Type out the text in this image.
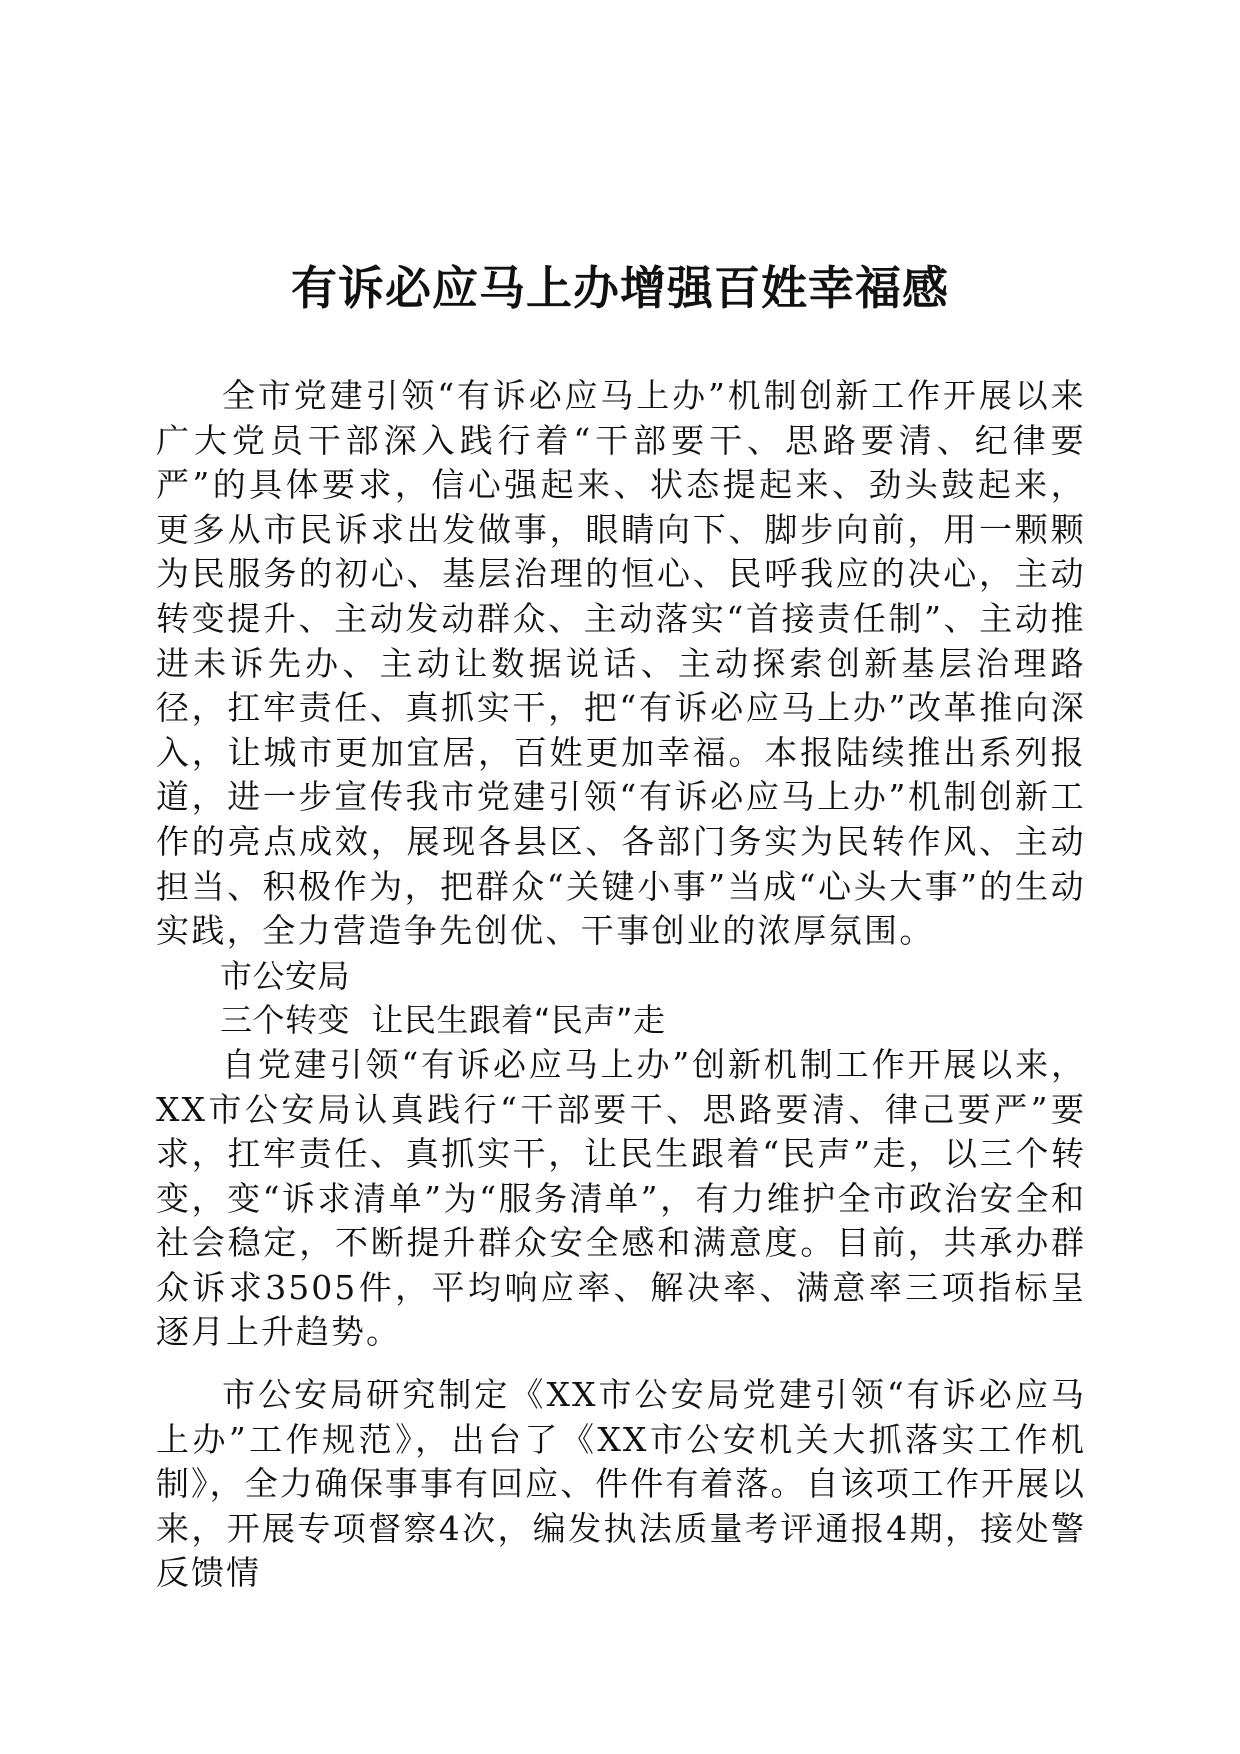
有诉必应马上办增强百姓幸福感

全市党建引领“有诉必应马上办”机制创新工作开展以来广大党员干部深入践行着“干部要干、思路要清、纪律要严”的具体要求，信心强起来、状态提起来、劲头鼓起来，更多从市民诉求出发做事，眼睛向下、脚步向前，用一颗颗为民服务的初心、基层治理的恒心、民呼我应的决心，主动转变提升、主动发动群众、主动落实“首接责任制”、主动推进未诉先办、主动让数据说话、主动探索创新基层治理路径，扛牢责任、真抓实干，把“有诉必应马上办”改革推向深入，让城市更加宜居，百姓更加幸福。本报陆续推出系列报道，进一步宣传我市党建引领“有诉必应马上办”机制创新工作的亮点成效，展现各县区、各部门务实为民转作风、主动担当、积极作为，把群众“关键小事”当成“心头大事”的生动实践，全力营造争先创优、干事创业的浓厚氛围。

市公安局

三个转变  让民生跟着“民声”走

自党建引领“有诉必应马上办”创新机制工作开展以来，XX市公安局认真践行“干部要干、思路要清、律己要严”要求，扛牢责任、真抓实干，让民生跟着“民声”走，以三个转变，变“诉求清单”为“服务清单”，有力维护全市政治安全和社会稳定，不断提升群众安全感和满意度。目前，共承办群众诉求3505件，平均响应率、解决率、满意率三项指标呈逐月上升趋势。

市公安局研究制定《XX市公安局党建引领“有诉必应马上办”工作规范》，出台了《XX市公安机关大抓落实工作机制》，全力确保事事有回应、件件有着落。自该项工作开展以来，开展专项督察4次，编发执法质量考评通报4期，接处警反馈情
